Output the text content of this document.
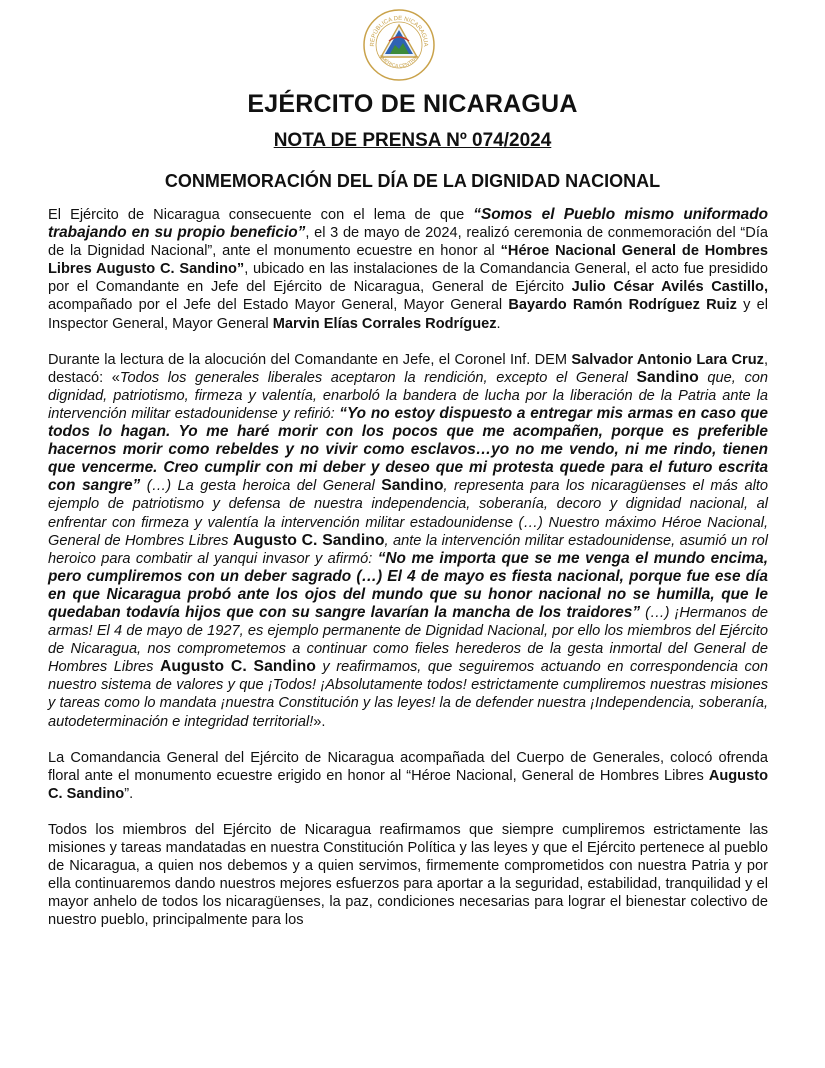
REPÚBLICA DE NICARAGUA
AMÉRICA CENTRAL
EJÉRCITO DE NICARAGUA
NOTA DE PRENSA Nº 074/2024
CONMEMORACIÓN DEL DÍA DE LA DIGNIDAD NACIONAL

El Ejército de Nicaragua consecuente con el lema de que “Somos el Pueblo mismo uniformado trabajando en su propio beneficio”, el 3 de mayo de 2024, realizó ceremonia de conmemoración del “Día de la Dignidad Nacional”, ante el monumento ecuestre en honor al “Héroe Nacional General de Hombres Libres Augusto C. Sandino”, ubicado en las instalaciones de la Comandancia General, el acto fue presidido por el Comandante en Jefe del Ejército de Nicaragua, General de Ejército Julio César Avilés Castillo, acompañado por el Jefe del Estado Mayor General, Mayor General Bayardo Ramón Rodríguez Ruiz y el Inspector General, Mayor General Marvin Elías Corrales Rodríguez.

Durante la lectura de la alocución del Comandante en Jefe, el Coronel Inf. DEM Salvador Antonio Lara Cruz, destacó: «Todos los generales liberales aceptaron la rendición, excepto el General Sandino que, con dignidad, patriotismo, firmeza y valentía, enarboló la bandera de lucha por la liberación de la Patria ante la intervención militar estadounidense y refirió: “Yo no estoy dispuesto a entregar mis armas en caso que todos lo hagan. Yo me haré morir con los pocos que me acompañen, porque es preferible hacernos morir como rebeldes y no vivir como esclavos…yo no me vendo, ni me rindo, tienen que vencerme. Creo cumplir con mi deber y deseo que mi protesta quede para el futuro escrita con sangre” (…) La gesta heroica del General Sandino, representa para los nicaragüenses el más alto ejemplo de patriotismo y defensa de nuestra independencia, soberanía, decoro y dignidad nacional, al enfrentar con firmeza y valentía la intervención militar estadounidense (…) Nuestro máximo Héroe Nacional, General de Hombres Libres Augusto C. Sandino, ante la intervención militar estadounidense, asumió un rol heroico para combatir al yanqui invasor y afirmó: “No me importa que se me venga el mundo encima, pero cumpliremos con un deber sagrado (…) El 4 de mayo es fiesta nacional, porque fue ese día en que Nicaragua probó ante los ojos del mundo que su honor nacional no se humilla, que le quedaban todavía hijos que con su sangre lavarían la mancha de los traidores” (…) ¡Hermanos de armas! El 4 de mayo de 1927, es ejemplo permanente de Dignidad Nacional, por ello los miembros del Ejército de Nicaragua, nos comprometemos a continuar como fieles herederos de la gesta inmortal del General de Hombres Libres Augusto C. Sandino y reafirmamos, que seguiremos actuando en correspondencia con nuestro sistema de valores y que ¡Todos! ¡Absolutamente todos! estrictamente cumpliremos nuestras misiones y tareas como lo mandata ¡nuestra Constitución y las leyes! la de defender nuestra ¡Independencia, soberanía, autodeterminación e integridad territorial!».

La Comandancia General del Ejército de Nicaragua acompañada del Cuerpo de Generales, colocó ofrenda floral ante el monumento ecuestre erigido en honor al “Héroe Nacional, General de Hombres Libres Augusto C. Sandino”.

Todos los miembros del Ejército de Nicaragua reafirmamos que siempre cumpliremos estrictamente las misiones y tareas mandatadas en nuestra Constitución Política y las leyes y que el Ejército pertenece al pueblo de Nicaragua, a quien nos debemos y a quien servimos, firmemente comprometidos con nuestra Patria y por ella continuaremos dando nuestros mejores esfuerzos para aportar a la seguridad, estabilidad, tranquilidad y el mayor anhelo de todos los nicaragüenses, la paz, condiciones necesarias para lograr el bienestar colectivo de nuestro pueblo, principalmente para los
